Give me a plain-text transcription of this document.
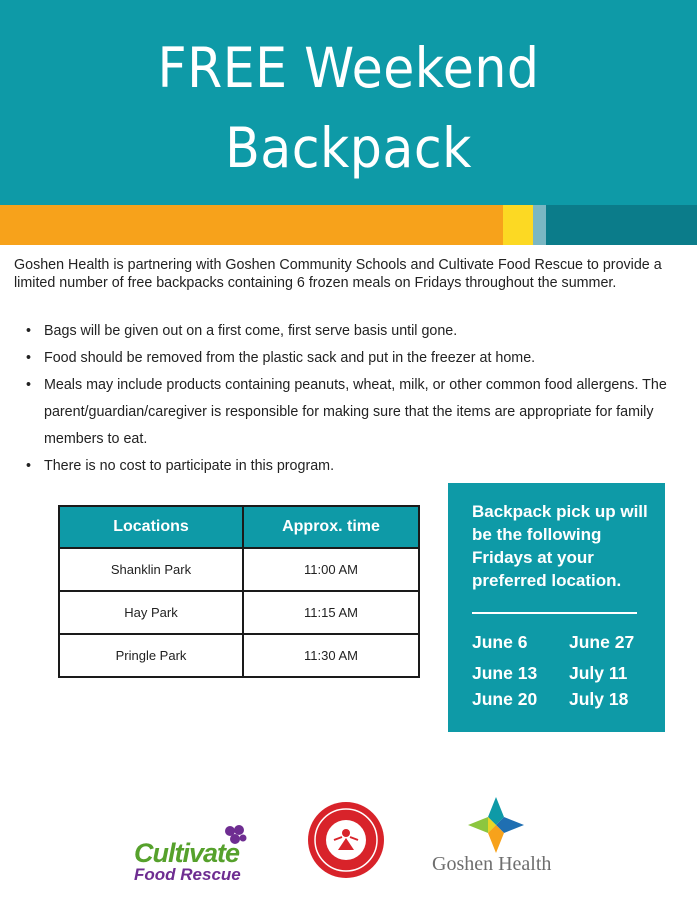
FREE Weekend Backpack

Goshen Health is partnering with Goshen Community Schools and Cultivate Food Rescue to provide a limited number of free backpacks containing 6 frozen meals on Fridays throughout the summer.

• Bags will be given out on a first come, first serve basis until gone.
• Food should be removed from the plastic sack and put in the freezer at home.
• Meals may include products containing peanuts, wheat, milk, or other common food allergens. The parent/guardian/caregiver is responsible for making sure that the items are appropriate for family members to eat.
• There is no cost to participate in this program.
Locations	Approx. time
Shanklin Park	11:00 AM
Hay Park	11:15 AM
Pringle Park	11:30 AM
Backpack pick up will be the following Fridays at your preferred location.
June 6 June 27
June 13 July 11
June 20 July 18
Cultivate
Food Rescue	Goshen Health
